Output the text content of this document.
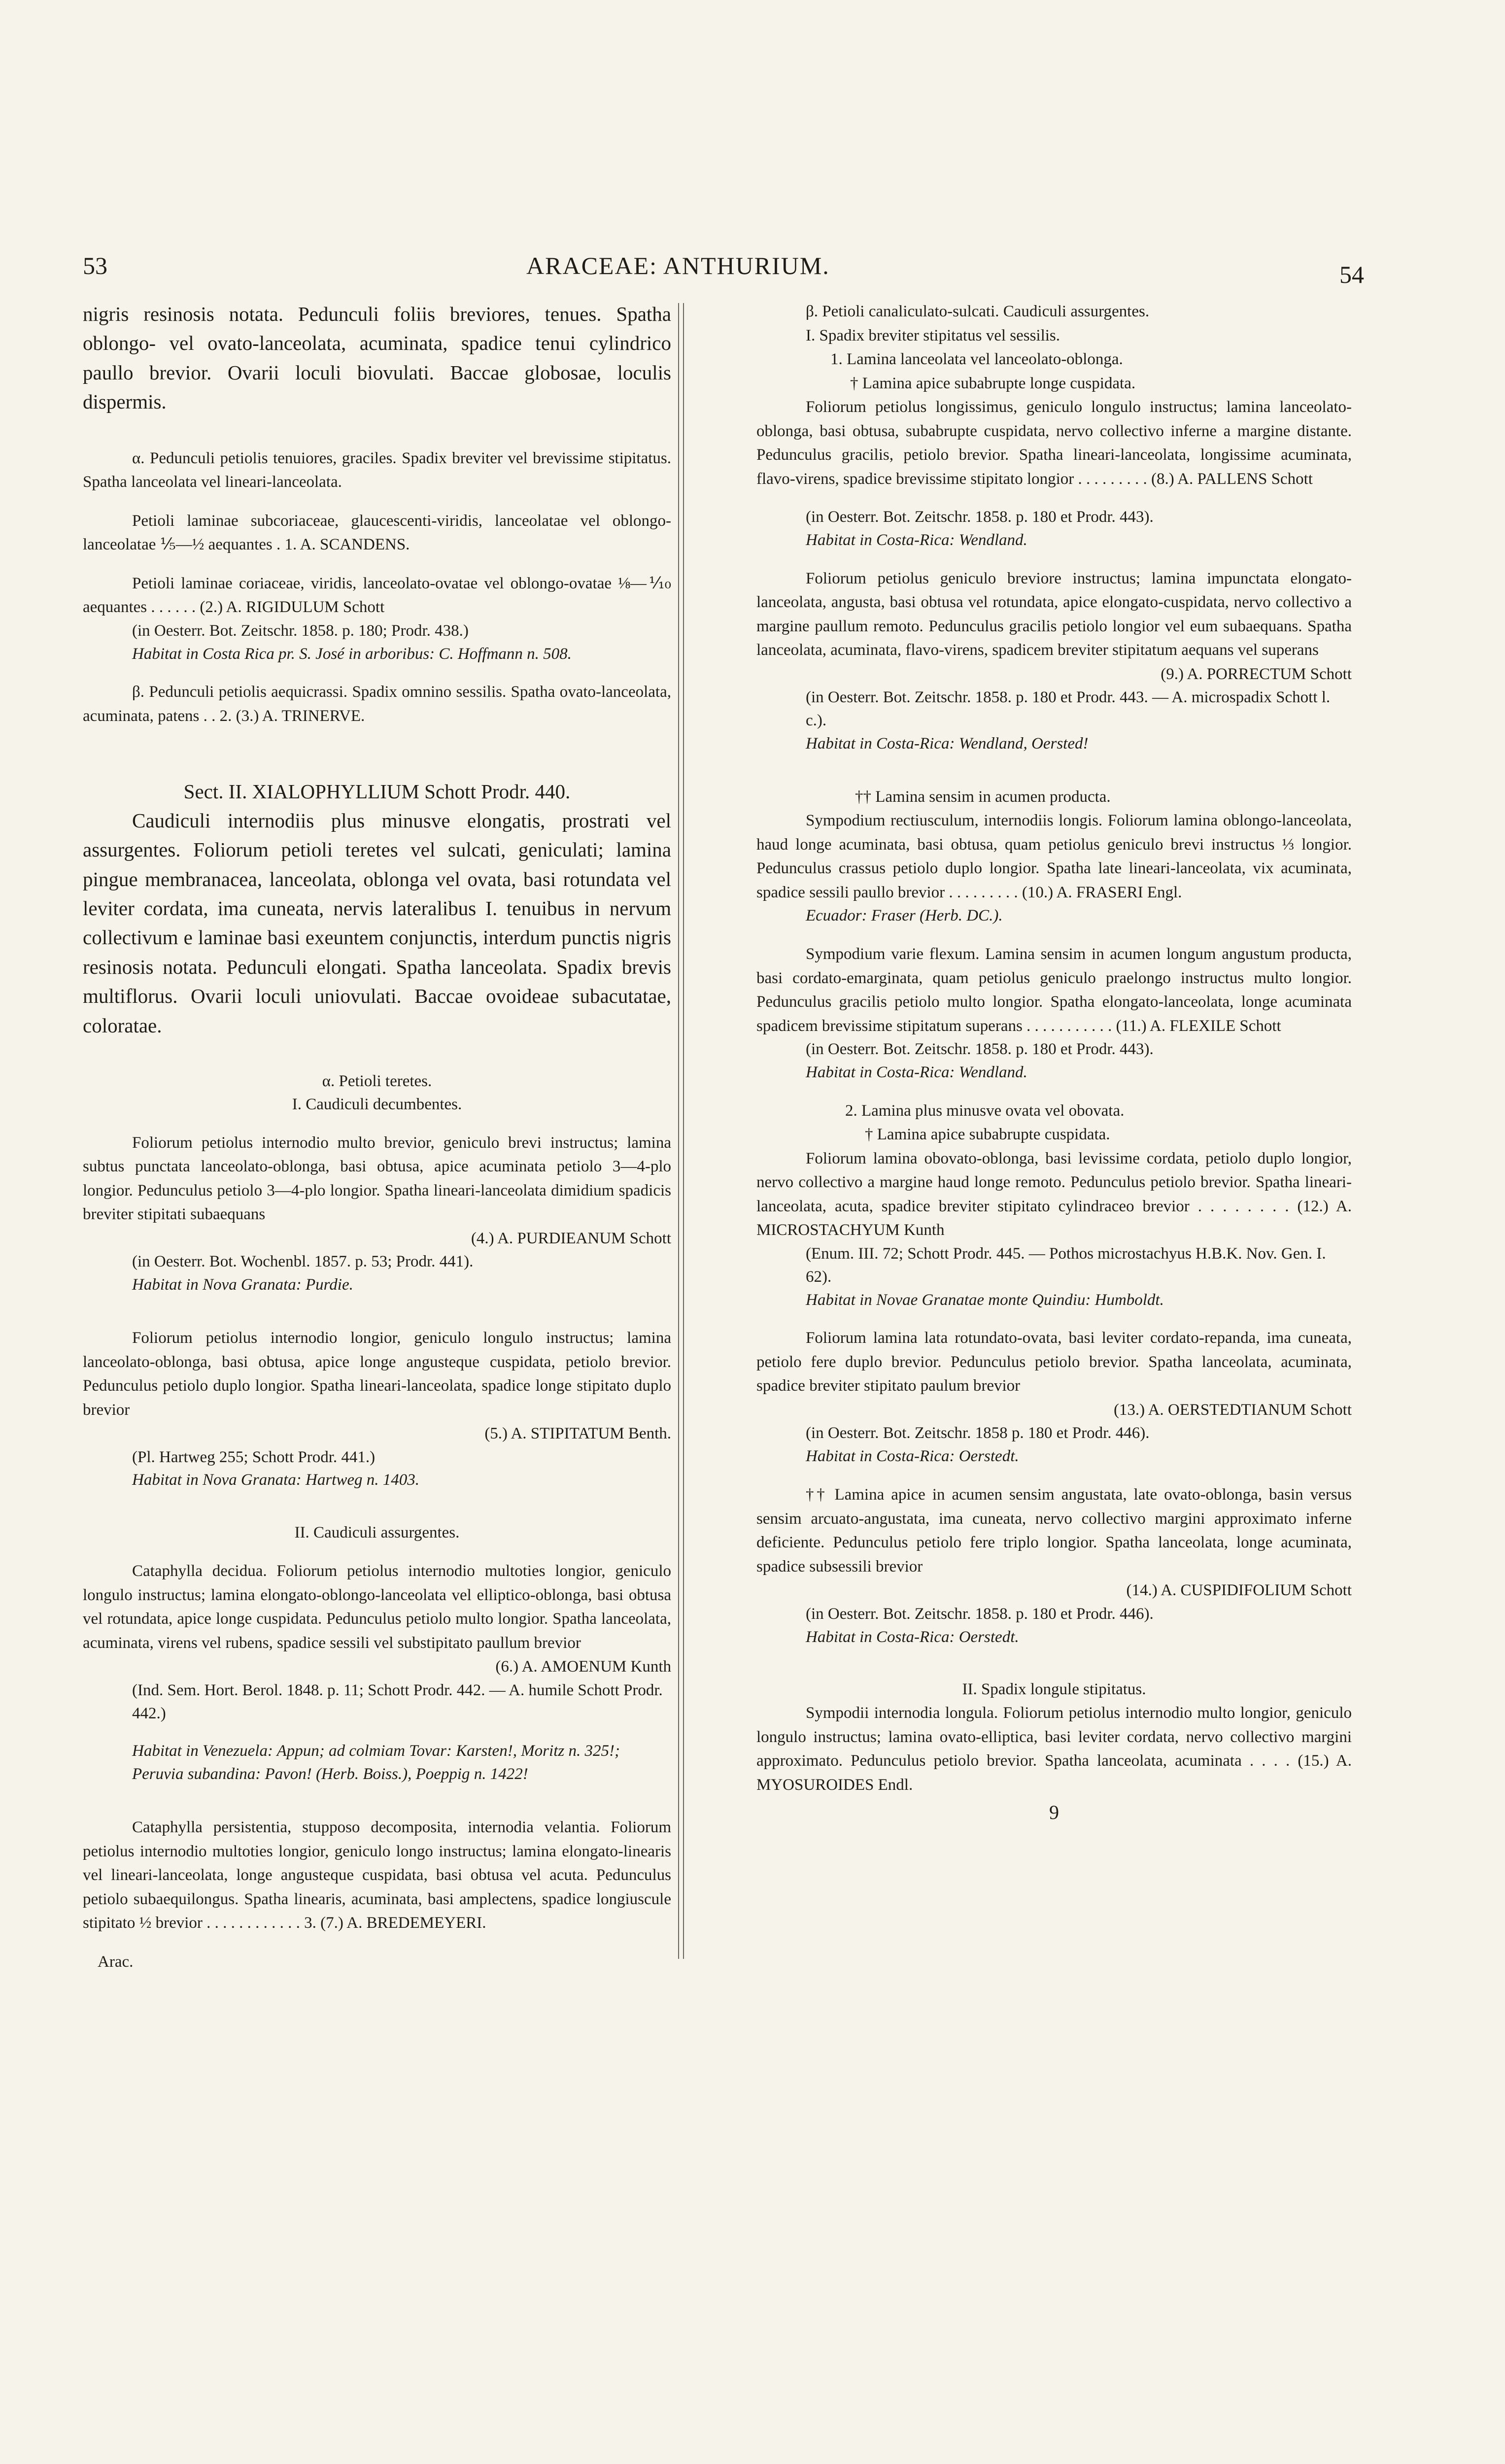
53	ARACEAE: ANTHURIUM.	54

nigris resinosis notata. Pedunculi foliis breviores, tenues. Spatha oblongo- vel ovato-lanceolata, acuminata, spadice tenui cylindrico paullo brevior. Ovarii loculi biovulati. Baccae globosae, loculis dispermis.

α. Pedunculi petiolis tenuiores, graciles. Spadix breviter vel brevissime stipitatus. Spatha lanceolata vel lineari-lanceolata.

Petioli laminae subcoriaceae, glaucescenti-viridis, lanceolatae vel oblongo-lanceolatae ⅕—½ aequantes . 1. A. SCANDENS.

Petioli laminae coriaceae, viridis, lanceolato-ovatae vel oblongo-ovatae ⅛—⅒ aequantes . . . . . . (2.) A. RIGIDULUM Schott

(in Oesterr. Bot. Zeitschr. 1858. p. 180; Prodr. 438.)

Habitat in Costa Rica pr. S. José in arboribus: C. Hoffmann n. 508.

β. Pedunculi petiolis aequicrassi. Spadix omnino sessilis. Spatha ovato-lanceolata, acuminata, patens . . 2. (3.) A. TRINERVE.

Sect. II. XIALOPHYLLIUM Schott Prodr. 440.

Caudiculi internodiis plus minusve elongatis, prostrati vel assurgentes. Foliorum petioli teretes vel sulcati, geniculati; lamina pingue membranacea, lanceolata, oblonga vel ovata, basi rotundata vel leviter cordata, ima cuneata, nervis lateralibus I. tenuibus in nervum collectivum e laminae basi exeuntem conjunctis, interdum punctis nigris resinosis notata. Pedunculi elongati. Spatha lanceolata. Spadix brevis multiflorus. Ovarii loculi uniovulati. Baccae ovoideae subacutatae, coloratae.

α. Petioli teretes.

I. Caudiculi decumbentes.

Foliorum petiolus internodio multo brevior, geniculo brevi instructus; lamina subtus punctata lanceolato-oblonga, basi obtusa, apice acuminata petiolo 3—4-plo longior. Pedunculus petiolo 3—4-plo longior. Spatha lineari-lanceolata dimidium spadicis breviter stipitati subaequans

(4.) A. PURDIEANUM Schott

(in Oesterr. Bot. Wochenbl. 1857. p. 53; Prodr. 441).

Habitat in Nova Granata: Purdie.

Foliorum petiolus internodio longior, geniculo longulo instructus; lamina lanceolato-oblonga, basi obtusa, apice longe angusteque cuspidata, petiolo brevior. Pedunculus petiolo duplo longior. Spatha lineari-lanceolata, spadice longe stipitato duplo brevior

(5.) A. STIPITATUM Benth.

(Pl. Hartweg 255; Schott Prodr. 441.)

Habitat in Nova Granata: Hartweg n. 1403.

II. Caudiculi assurgentes.

Cataphylla decidua. Foliorum petiolus internodio multoties longior, geniculo longulo instructus; lamina elongato-oblongo-lanceolata vel elliptico-oblonga, basi obtusa vel rotundata, apice longe cuspidata. Pedunculus petiolo multo longior. Spatha lanceolata, acuminata, virens vel rubens, spadice sessili vel substipitato paullum brevior

(6.) A. AMOENUM Kunth

(Ind. Sem. Hort. Berol. 1848. p. 11; Schott Prodr. 442. — A. humile Schott Prodr. 442.)

Habitat in Venezuela: Appun; ad colmiam Tovar: Karsten!, Moritz n. 325!; Peruvia subandina: Pavon! (Herb. Boiss.), Poeppig n. 1422!

Cataphylla persistentia, stupposo decomposita, internodia velantia. Foliorum petiolus internodio multoties longior, geniculo longo instructus; lamina elongato-linearis vel lineari-lanceolata, longe angusteque cuspidata, basi obtusa vel acuta. Pedunculus petiolo subaequilongus. Spatha linearis, acuminata, basi amplectens, spadice longiuscule stipitato ½ brevior . . . . . . . . . . . . 3. (7.) A. BREDEMEYERI.

Arac.

β. Petioli canaliculato-sulcati. Caudiculi assurgentes.

I. Spadix breviter stipitatus vel sessilis.

1. Lamina lanceolata vel lanceolato-oblonga.

† Lamina apice subabrupte longe cuspidata.

Foliorum petiolus longissimus, geniculo longulo instructus; lamina lanceolato-oblonga, basi obtusa, subabrupte cuspidata, nervo collectivo inferne a margine distante. Pedunculus gracilis, petiolo brevior. Spatha lineari-lanceolata, longissime acuminata, flavo-virens, spadice brevissime stipitato longior . . . . . . . . . (8.) A. PALLENS Schott

(in Oesterr. Bot. Zeitschr. 1858. p. 180 et Prodr. 443).

Habitat in Costa-Rica: Wendland.

Foliorum petiolus geniculo breviore instructus; lamina impunctata elongato-lanceolata, angusta, basi obtusa vel rotundata, apice elongato-cuspidata, nervo collectivo a margine paullum remoto. Pedunculus gracilis petiolo longior vel eum subaequans. Spatha lanceolata, acuminata, flavo-virens, spadicem breviter stipitatum aequans vel superans

(9.) A. PORRECTUM Schott

(in Oesterr. Bot. Zeitschr. 1858. p. 180 et Prodr. 443. — A. microspadix Schott l. c.).

Habitat in Costa-Rica: Wendland, Oersted!

†† Lamina sensim in acumen producta.

Sympodium rectiusculum, internodiis longis. Foliorum lamina oblongo-lanceolata, haud longe acuminata, basi obtusa, quam petiolus geniculo brevi instructus ⅓ longior. Pedunculus crassus petiolo duplo longior. Spatha late lineari-lanceolata, vix acuminata, spadice sessili paullo brevior . . . . . . . . . (10.) A. FRASERI Engl.

Ecuador: Fraser (Herb. DC.).

Sympodium varie flexum. Lamina sensim in acumen longum angustum producta, basi cordato-emarginata, quam petiolus geniculo praelongo instructus multo longior. Pedunculus gracilis petiolo multo longior. Spatha elongato-lanceolata, longe acuminata spadicem brevissime stipitatum superans . . . . . . . . . . . (11.) A. FLEXILE Schott

(in Oesterr. Bot. Zeitschr. 1858. p. 180 et Prodr. 443).

Habitat in Costa-Rica: Wendland.

2. Lamina plus minusve ovata vel obovata.

† Lamina apice subabrupte cuspidata.

Foliorum lamina obovato-oblonga, basi levissime cordata, petiolo duplo longior, nervo collectivo a margine haud longe remoto. Pedunculus petiolo brevior. Spatha lineari-lanceolata, acuta, spadice breviter stipitato cylindraceo brevior . . . . . . . . (12.) A. MICROSTACHYUM Kunth

(Enum. III. 72; Schott Prodr. 445. — Pothos microstachyus H.B.K. Nov. Gen. I. 62).

Habitat in Novae Granatae monte Quindiu: Humboldt.

Foliorum lamina lata rotundato-ovata, basi leviter cordato-repanda, ima cuneata, petiolo fere duplo brevior. Pedunculus petiolo brevior. Spatha lanceolata, acuminata, spadice breviter stipitato paulum brevior

(13.) A. OERSTEDTIANUM Schott

(in Oesterr. Bot. Zeitschr. 1858 p. 180 et Prodr. 446).

Habitat in Costa-Rica: Oerstedt.

†† Lamina apice in acumen sensim angustata, late ovato-oblonga, basin versus sensim arcuato-angustata, ima cuneata, nervo collectivo margini approximato inferne deficiente. Pedunculus petiolo fere triplo longior. Spatha lanceolata, longe acuminata, spadice subsessili brevior

(14.) A. CUSPIDIFOLIUM Schott

(in Oesterr. Bot. Zeitschr. 1858. p. 180 et Prodr. 446).

Habitat in Costa-Rica: Oerstedt.

II. Spadix longule stipitatus.

Sympodii internodia longula. Foliorum petiolus internodio multo longior, geniculo longulo instructus; lamina ovato-elliptica, basi leviter cordata, nervo collectivo margini approximato. Pedunculus petiolo brevior. Spatha lanceolata, acuminata . . . . (15.) A. MYOSUROIDES Endl.

9
